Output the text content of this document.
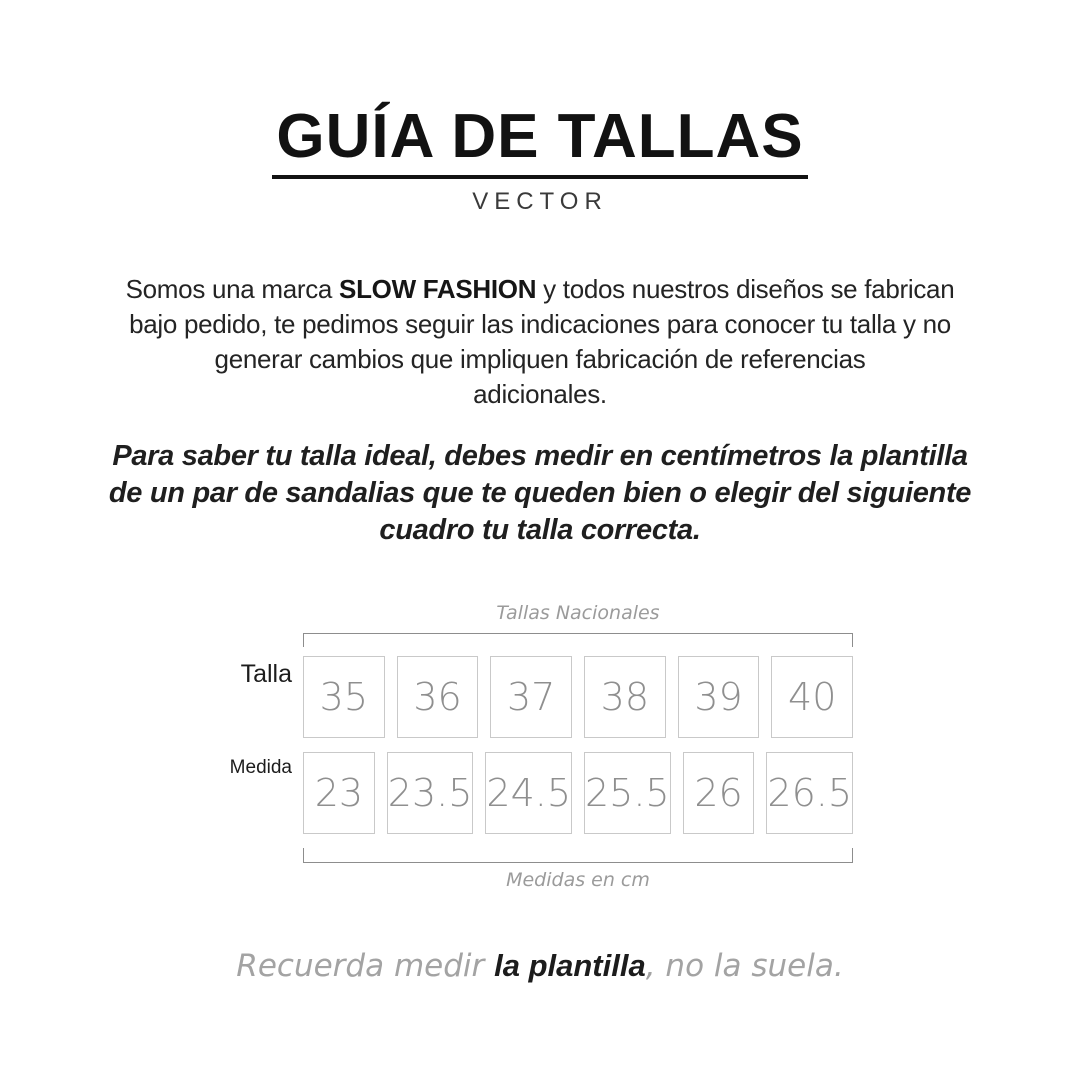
GUÍA DE TALLAS
VECTOR

Somos una marca SLOW FASHION y todos nuestros diseños se fabrican
bajo pedido, te pedimos seguir las indicaciones para conocer tu talla y no
generar cambios que impliquen fabricación de referencias
adicionales.

Para saber tu talla ideal, debes medir en centímetros la plantilla
de un par de sandalias que te queden bien o elegir del siguiente
cuadro tu talla correcta.

Tallas Nacionales
Talla
35	36	37	38	39	40
Medida
23 23.5 24.5 25.5 26 26.5
Medidas en cm

Recuerda medir la plantilla, no la suela.
